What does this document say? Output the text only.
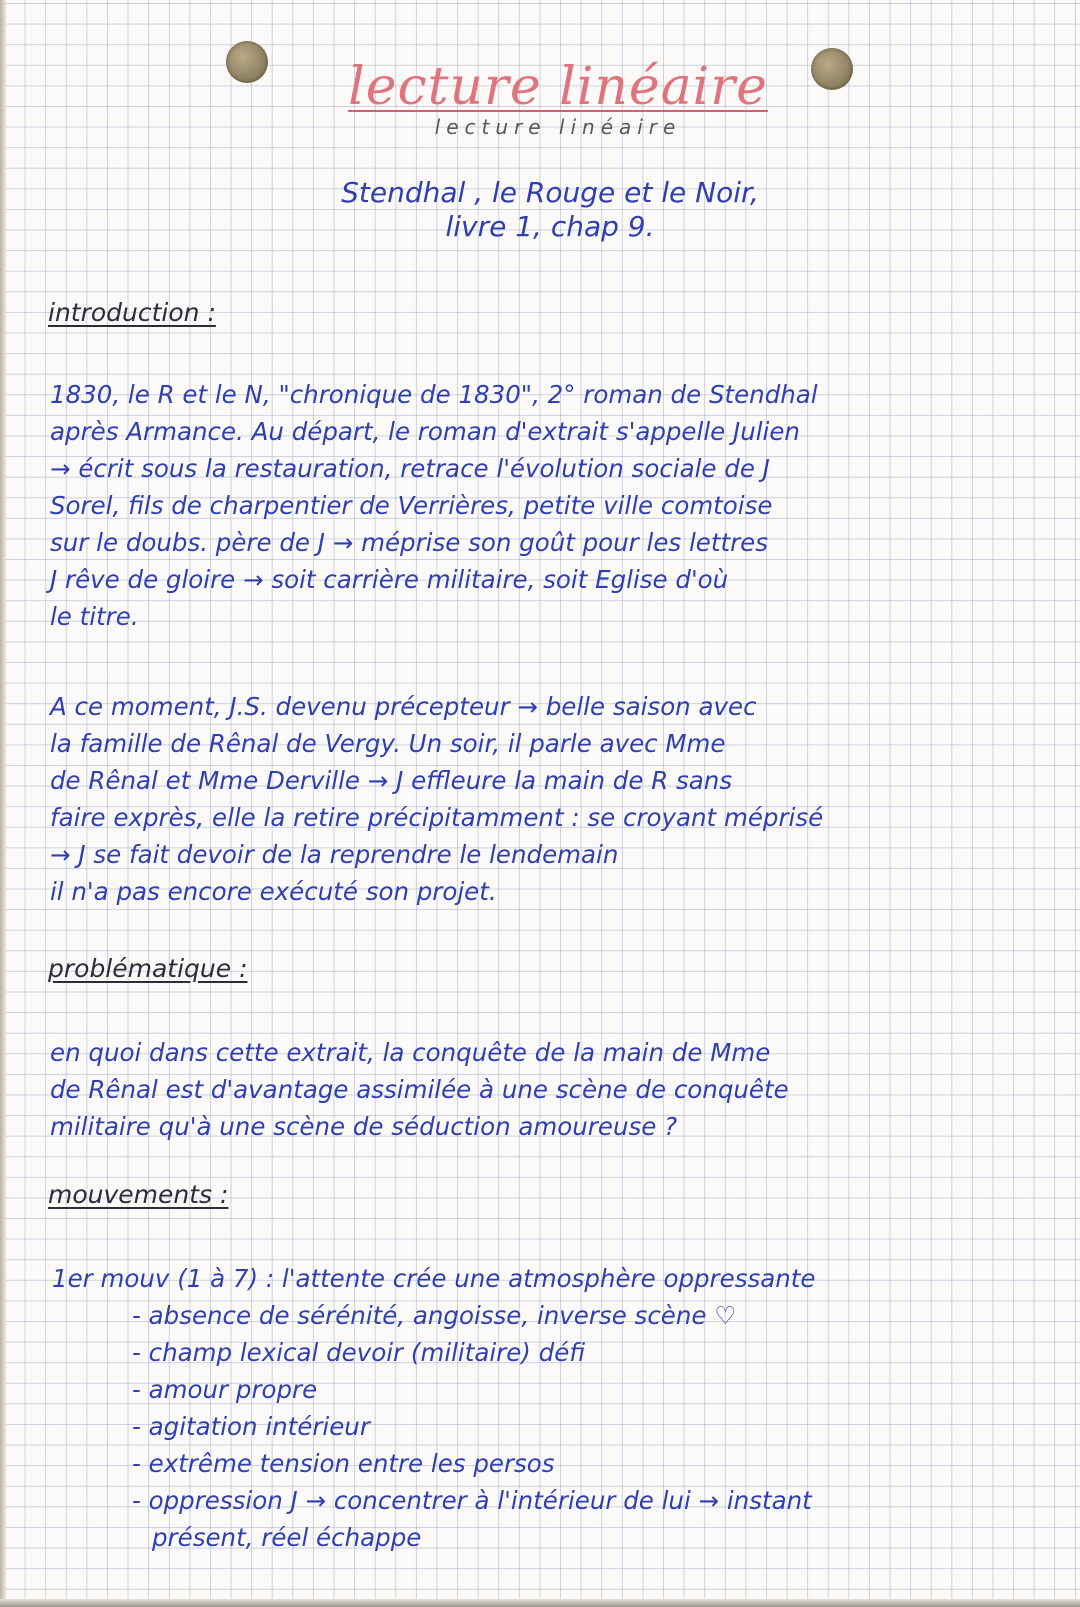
lecture linéaire
lecture linéaire
Stendhal , le Rouge et le Noir,
livre 1, chap 9.
introduction :
1830, le R et le N, "chronique de 1830", 2° roman de Stendhal
après Armance. Au départ, le roman d'extrait s'appelle Julien
→ écrit sous la restauration, retrace l'évolution sociale de J
Sorel, fils de charpentier de Verrières, petite ville comtoise
sur le doubs. père de J → méprise son goût pour les lettres
J rêve de gloire → soit carrière militaire, soit Eglise d'où
le titre.
A ce moment, J.S. devenu précepteur → belle saison avec
la famille de Rênal de Vergy. Un soir, il parle avec Mme
de Rênal et Mme Derville → J effleure la main de R sans
faire exprès, elle la retire précipitamment : se croyant méprisé
→ J se fait devoir de la reprendre le lendemain
il n'a pas encore exécuté son projet.
problématique :
en quoi dans cette extrait, la conquête de la main de Mme
de Rênal est d'avantage assimilée à une scène de conquête
militaire qu'à une scène de séduction amoureuse ?
mouvements :
1er mouv (1 à 7) : l'attente crée une atmosphère oppressante
- absence de sérénité, angoisse, inverse scène ♡
- champ lexical devoir (militaire) défi
- amour propre
- agitation intérieur
- extrême tension entre les persos
- oppression J → concentrer à l'intérieur de lui → instant
présent, réel échappe
